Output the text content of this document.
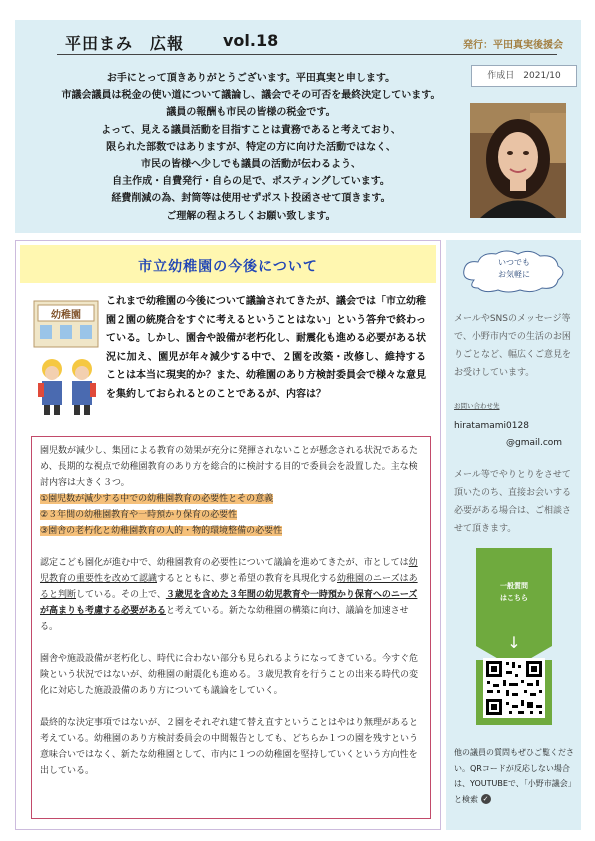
平田まみ　広報 vol.18	発行：平田真実後援会
作成日　2021/10
お手にとって頂きありがとうございます。平田真実と申します。
市議会議員は税金の使い道について議論し、議会でその可否を最終決定しています。
議員の報酬も市民の皆様の税金です。
よって、見える議員活動を目指すことは責務であると考えており、
限られた部数ではありますが、特定の方に向けた活動ではなく、
市民の皆様へ少しでも議員の活動が伝わるよう、
自主作成・自費発行・自らの足で、ポスティングしています。
経費削減の為、封筒等は使用せずポスト投函させて頂きます。
ご理解の程よろしくお願い致します。
市立幼稚園の今後について
幼稚園
これまで幼稚園の今後について議論されてきたが、議会では「市立幼稚園２園の統廃合をすぐに考えるということはない」という答弁で終わっている。しかし、園舎や設備が老朽化し、耐震化も進める必要がある状況に加え、園児が年々減少する中で、２園を改築・改修し、維持することは本当に現実的か？また、幼稚園のあり方検討委員会で様々な意見を集約しておられるとのことであるが、内容は？
園児数が減少し、集団による教育の効果が充分に発揮されないことが懸念される状況であるため、長期的な視点で幼稚園教育のあり方を総合的に検討する目的で委員会を設置した。主な検討内容は大きく３つ。
①園児数が減少する中での幼稚園教育の必要性とその意義
②３年間の幼稚園教育や一時預かり保育の必要性
③園舎の老朽化と幼稚園教育の人的・物的環境整備の必要性
認定こども園化が進む中で、幼稚園教育の必要性について議論を進めてきたが、市としては幼児教育の重要性を改めて認識するとともに、夢と希望の教育を具現化する幼稚園のニーズはあると判断している。その上で、３歳児を含めた３年間の幼児教育や一時預かり保育へのニーズが高まりも考慮する必要があると考えている。新たな幼稚園の構築に向け、議論を加速させる。
園舎や施設設備が老朽化し、時代に合わない部分も見られるようになってきている。今すぐ危険という状況ではないが、幼稚園の耐震化も進める。３歳児教育を行うことの出来る時代の変化に対応した施設設備のあり方についても議論をしていく。
最終的な決定事項ではないが、２園をそれぞれ建て替え直すということはやはり無理があると考えている。幼稚園のあり方検討委員会の中間報告としても、どちらか１つの園を残すという意味合いではなく、新たな幼稚園として、市内に１つの幼稚園を堅持していくという方向性を出している。
いつでも
お気軽に
メールやSNSのメッセージ等で、小野市内での生活のお困りごとなど、幅広くご意見をお受けしています。
お問い合わせ先
hiratamami0128
@gmail.com
メール等でやりとりをさせて頂いたのち、直接お会いする必要がある場合は、ご相談させて頂きます。
一般質問
はこちら
↓
他の議員の質問もぜひご覧ください。QRコードが反応しない場合は、YOUTUBEで、「小野市議会」と検索 ✓
